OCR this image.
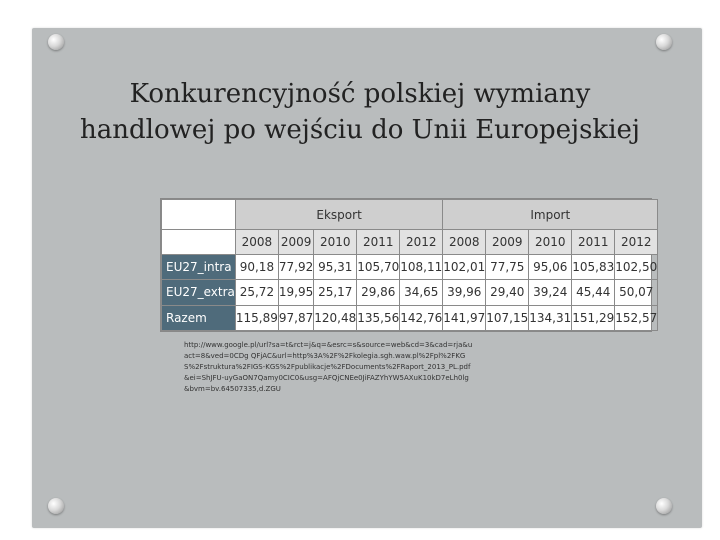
Konkurencyjność polskiej wymiany
handlowej po wejściu do Unii Europejskiej
	Eksport					Import				
	2008	2009	2010	2011	2012	2008	2009	2010	2011	2012
EU27_intra	90,18	77,92	95,31	105,70	108,11	102,01	77,75	95,06	105,83	102,50
EU27_extra	25,72	19,95	25,17	29,86	34,65	39,96	29,40	39,24	45,44	50,07
Razem	115,89	97,87	120,48	135,56	142,76	141,97	107,15	134,31	151,29	152,57
http://www.google.pl/url?sa=t&rct=j&q=&esrc=s&source=web&cd=3&cad=rja&uact=8&ved=0CDg QFjAC&url=http%3A%2F%2Fkolegia.sgh.waw.pl%2Fpl%2FKGS%2Fstruktura%2FIGS-KGS%2Fpublikacje%2FDocuments%2FRaport_2013_PL.pdf&ei=ShJFU-uyGaON7Qamy0CIC0&usg=AFQjCNEe0JiFAZYhYW5AXuK10kD7eLh0lg&bvm=bv.64507335,d.ZGU
